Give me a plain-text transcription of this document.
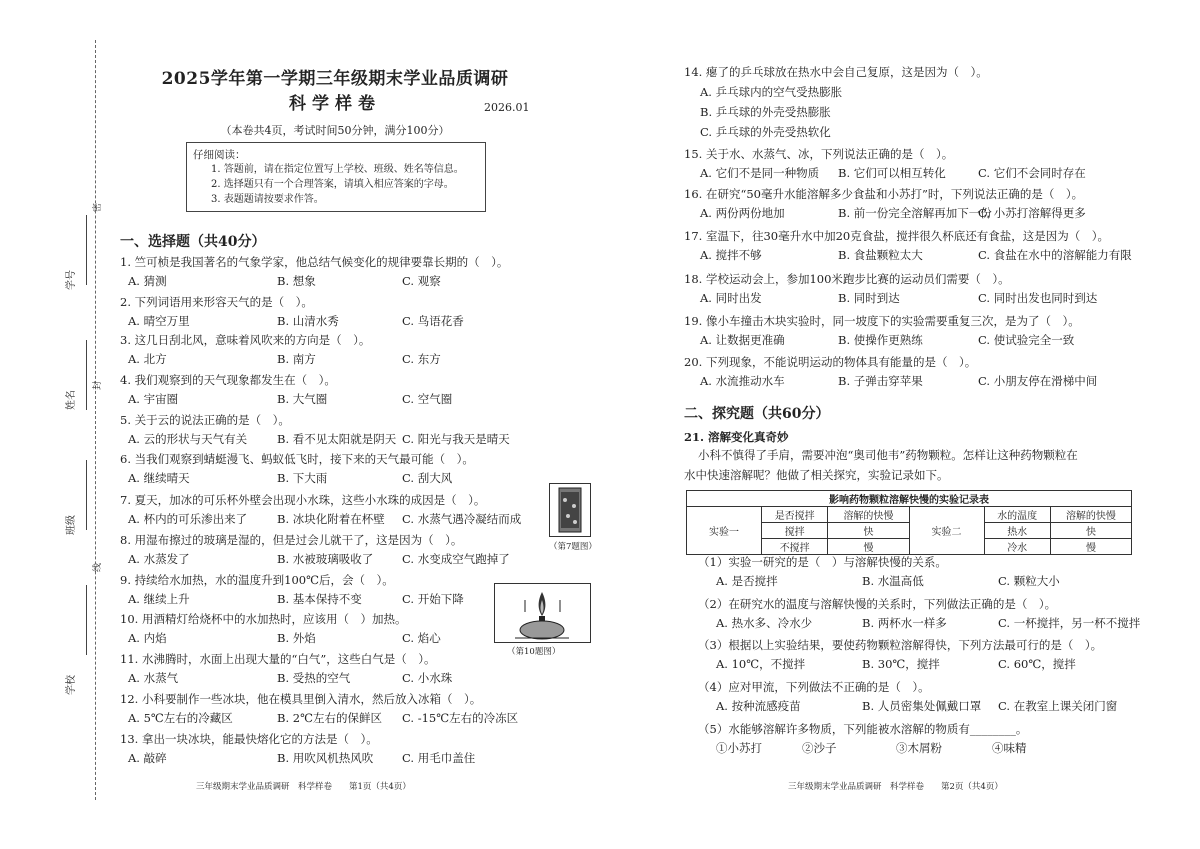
学号
姓名
班级
学校
密
封
线
2025学年第一学期三年级期末学业品质调研
科学样卷	2026.01
（本卷共4页，考试时间50分钟，满分100分）
仔细阅读：
1. 答题前，请在指定位置写上学校、班级、姓名等信息。
2. 选择题只有一个合理答案，请填入相应答案的字母。
3. 表题题请按要求作答。
一、选择题（共40分）
1. 竺可桢是我国著名的气象学家，他总结气候变化的规律要靠长期的（　）。
A. 猜测	B. 想象	C. 观察
2. 下列词语用来形容天气的是（　）。
A. 晴空万里	B. 山清水秀	C. 鸟语花香
3. 这几日刮北风，意味着风吹来的方向是（　）。
A. 北方	B. 南方	C. 东方
4. 我们观察到的天气现象都发生在（　）。
A. 宇宙圈	B. 大气圈	C. 空气圈
5. 关于云的说法正确的是（　）。
A. 云的形状与天气有关	B. 看不见太阳就是阴天 C. 阳光与我天是晴天
6. 当我们观察到蜻蜓漫飞、蚂蚁低飞时，接下来的天气最可能（　）。
A. 继续晴天	B. 下大雨	C. 刮大风
7. 夏天，加冰的可乐杯外壁会出现小水珠，这些小水珠的成因是（　）。
A. 杯内的可乐渗出来了	B. 冰块化附着在杯壁 C. 水蒸气遇冷凝结而成
8. 用湿布擦过的玻璃是湿的，但是过会儿就干了，这是因为（　）。
A. 水蒸发了	B. 水被玻璃吸收了 C. 水变成空气跑掉了
9. 持续给水加热，水的温度升到100℃后，会（　）。
A. 继续上升	B. 基本保持不变	C. 开始下降
10. 用酒精灯给烧杯中的水加热时，应该用（　）加热。
A. 内焰	B. 外焰	C. 焰心
11. 水沸腾时，水面上出现大量的“白气”，这些白气是（　）。
A. 水蒸气	B. 受热的空气	C. 小水珠
12. 小科要制作一些冰块，他在模具里倒入清水，然后放入冰箱（　）。
A. 5℃左右的冷藏区	B. 2℃左右的保鲜区 C. -15℃左右的冷冻区
13. 拿出一块冰块，能最快熔化它的方法是（　）。
A. 敲碎	B. 用吹风机热风吹 C. 用毛巾盖住
（第7题图）
（第10题图）
三年级期末学业品质调研　科学样卷　　第1页（共4页）
14. 瘪了的乒乓球放在热水中会自己复原，这是因为（　）。
A. 乒乓球内的空气受热膨胀
B. 乒乓球的外壳受热膨胀
C. 乒乓球的外壳受热软化
15. 关于水、水蒸气、冰，下列说法正确的是（　）。
A. 它们不是同一种物质 B. 它们可以相互转化	C. 它们不会同时存在
16. 在研究“50毫升水能溶解多少食盐和小苏打”时，下列说法正确的是（　）。
A. 两份两份地加	B. 前一份完全溶解再加下一份
C. 小苏打溶解得更多
17. 室温下，往30毫升水中加20克食盐，搅拌很久杯底还有食盐，这是因为（　）。
A. 搅拌不够	B. 食盐颗粒太大	C. 食盐在水中的溶解能力有限
18. 学校运动会上，参加100米跑步比赛的运动员们需要（　）。
A. 同时出发	B. 同时到达	C. 同时出发也同时到达
19. 像小车撞击木块实验时，同一坡度下的实验需要重复三次，是为了（　）。
A. 让数据更准确	B. 使操作更熟练	C. 使试验完全一致
20. 下列现象，不能说明运动的物体具有能量的是（　）。
A. 水流推动水车	B. 子弹击穿苹果	C. 小朋友停在滑梯中间
二、探究题（共60分）
21. 溶解变化真奇妙
小科不慎得了手肩，需要冲泡“奥司他韦”药物颗粒。怎样让这种药物颗粒在
水中快速溶解呢？他做了相关探究，实验记录如下。
影响药物颗粒溶解快慢的实验记录表					
实验一	是否搅拌	溶解的快慢	实验二	水的温度	溶解的快慢
	搅拌	快		热水	快
	不搅拌	慢		冷水	慢
（1）实验一研究的是（　）与溶解快慢的关系。
A. 是否搅拌	B. 水温高低	C. 颗粒大小
（2）在研究水的温度与溶解快慢的关系时，下列做法正确的是（　）。
A. 热水多、冷水少	B. 两杯水一样多	C. 一杯搅拌，另一杯不搅拌
（3）根据以上实验结果，要使药物颗粒溶解得快，下列方法最可行的是（　）。
A. 10℃，不搅拌	B. 30℃，搅拌	C. 60℃，搅拌
（4）应对甲流，下列做法不正确的是（　）。
A. 按种流感疫苗	B. 人员密集处佩戴口罩 C. 在教室上课关闭门窗
（5）水能够溶解许多物质，下列能被水溶解的物质有________。
①小苏打	②沙子	③木屑粉	④味精
三年级期末学业品质调研　科学样卷　　第2页（共4页）
